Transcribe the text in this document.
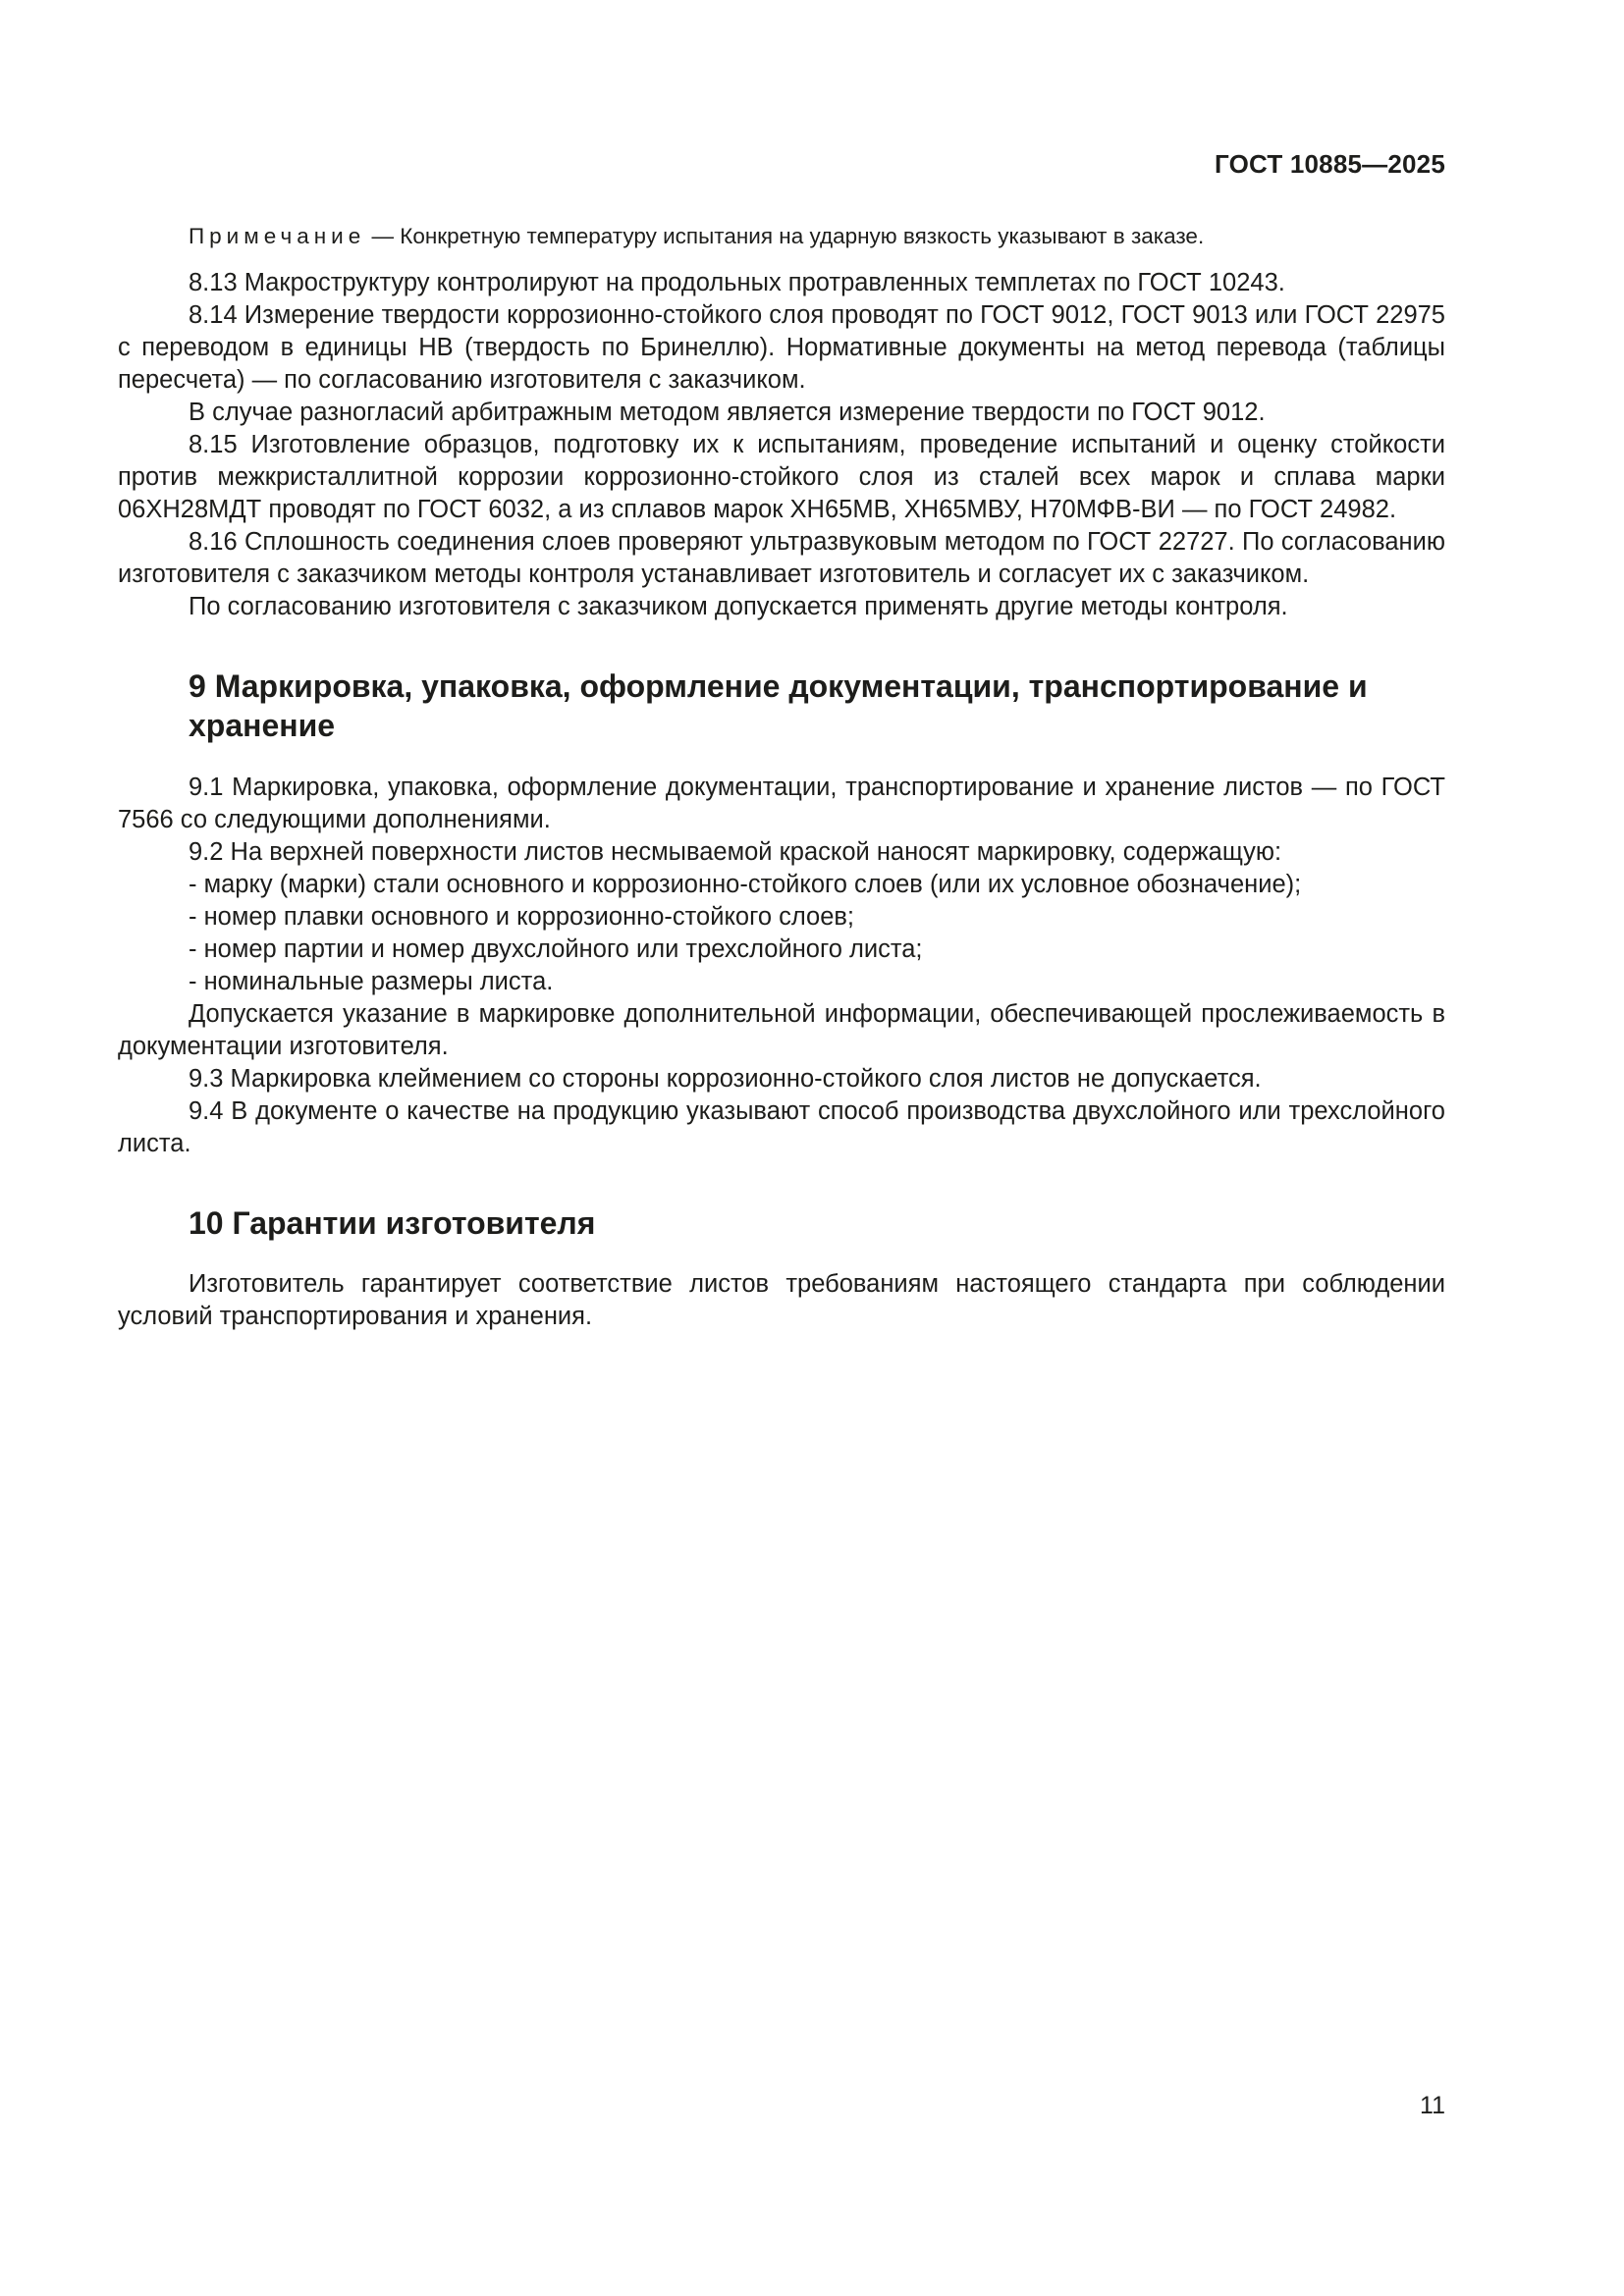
ГОСТ 10885—2025

Примечание — Конкретную температуру испытания на ударную вязкость указывают в заказе.

8.13 Макроструктуру контролируют на продольных протравленных темплетах по ГОСТ 10243.

8.14 Измерение твердости коррозионно-стойкого слоя проводят по ГОСТ 9012, ГОСТ 9013 или ГОСТ 22975 с переводом в единицы НВ (твердость по Бринеллю). Нормативные документы на метод перевода (таблицы пересчета) — по согласованию изготовителя с заказчиком.

В случае разногласий арбитражным методом является измерение твердости по ГОСТ 9012.

8.15 Изготовление образцов, подготовку их к испытаниям, проведение испытаний и оценку стойкости против межкристаллитной коррозии коррозионно-стойкого слоя из сталей всех марок и сплава марки 06ХН28МДТ проводят по ГОСТ 6032, а из сплавов марок ХН65МВ, ХН65МВУ, Н70МФВ-ВИ — по ГОСТ 24982.

8.16 Сплошность соединения слоев проверяют ультразвуковым методом по ГОСТ 22727. По согласованию изготовителя с заказчиком методы контроля устанавливает изготовитель и согласует их с заказчиком.

По согласованию изготовителя с заказчиком допускается применять другие методы контроля.

9 Маркировка, упаковка, оформление документации, транспортирование и хранение

9.1 Маркировка, упаковка, оформление документации, транспортирование и хранение листов — по ГОСТ 7566 со следующими дополнениями.

9.2 На верхней поверхности листов несмываемой краской наносят маркировку, содержащую:

- марку (марки) стали основного и коррозионно-стойкого слоев (или их условное обозначение);

- номер плавки основного и коррозионно-стойкого слоев;

- номер партии и номер двухслойного или трехслойного листа;

- номинальные размеры листа.

Допускается указание в маркировке дополнительной информации, обеспечивающей прослеживаемость в документации изготовителя.

9.3 Маркировка клеймением со стороны коррозионно-стойкого слоя листов не допускается.

9.4 В документе о качестве на продукцию указывают способ производства двухслойного или трехслойного листа.

10 Гарантии изготовителя

Изготовитель гарантирует соответствие листов требованиям настоящего стандарта при соблюдении условий транспортирования и хранения.

11
